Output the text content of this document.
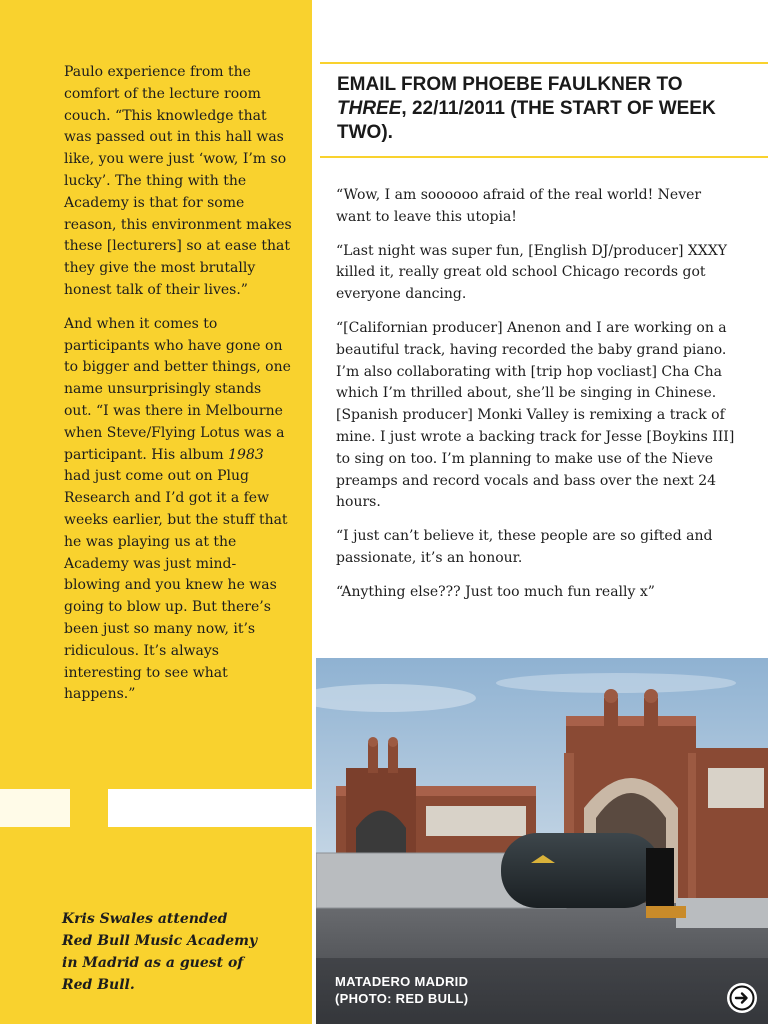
Paulo experience from the comfort of the lecture room couch. “This knowledge that was passed out in this hall was like, you were just ‘wow, I’m so lucky’. The thing with the Academy is that for some reason, this environment makes these [lecturers] so at ease that they give the most brutally honest talk of their lives.”

And when it comes to participants who have gone on to bigger and better things, one name unsurprisingly stands out. “I was there in Melbourne when Steve/Flying Lotus was a participant. His album 1983 had just come out on Plug Research and I’d got it a few weeks earlier, but the stuff that he was playing us at the Academy was just mind-blowing and you knew he was going to blow up. But there’s been just so many now, it’s ridiculous. It’s always interesting to see what happens.”

Kris Swales attended Red Bull Music Academy in Madrid as a guest of Red Bull.
EMAIL FROM PHOEBE FAULKNER TO THREE, 22/11/2011 (THE START OF WEEK TWO).

“Wow, I am soooooo afraid of the real world! Never want to leave this utopia!

“Last night was super fun, [English DJ/producer] XXXY killed it, really great old school Chicago records got everyone dancing.

“[Californian producer] Anenon and I are working on a beautiful track, having recorded the baby grand piano. I’m also collaborating with [trip hop vocliast] Cha Cha which I’m thrilled about, she’ll be singing in Chinese. [Spanish producer] Monki Valley is remixing a track of mine. I just wrote a backing track for Jesse [Boykins III] to sing on too. I’m planning to make use of the Nieve preamps and record vocals and bass over the next 24 hours.

“I just can’t believe it, these people are so gifted and passionate, it’s an honour.

“Anything else??? Just too much fun really x”

MATADERO MADRID
(PHOTO: RED BULL)
